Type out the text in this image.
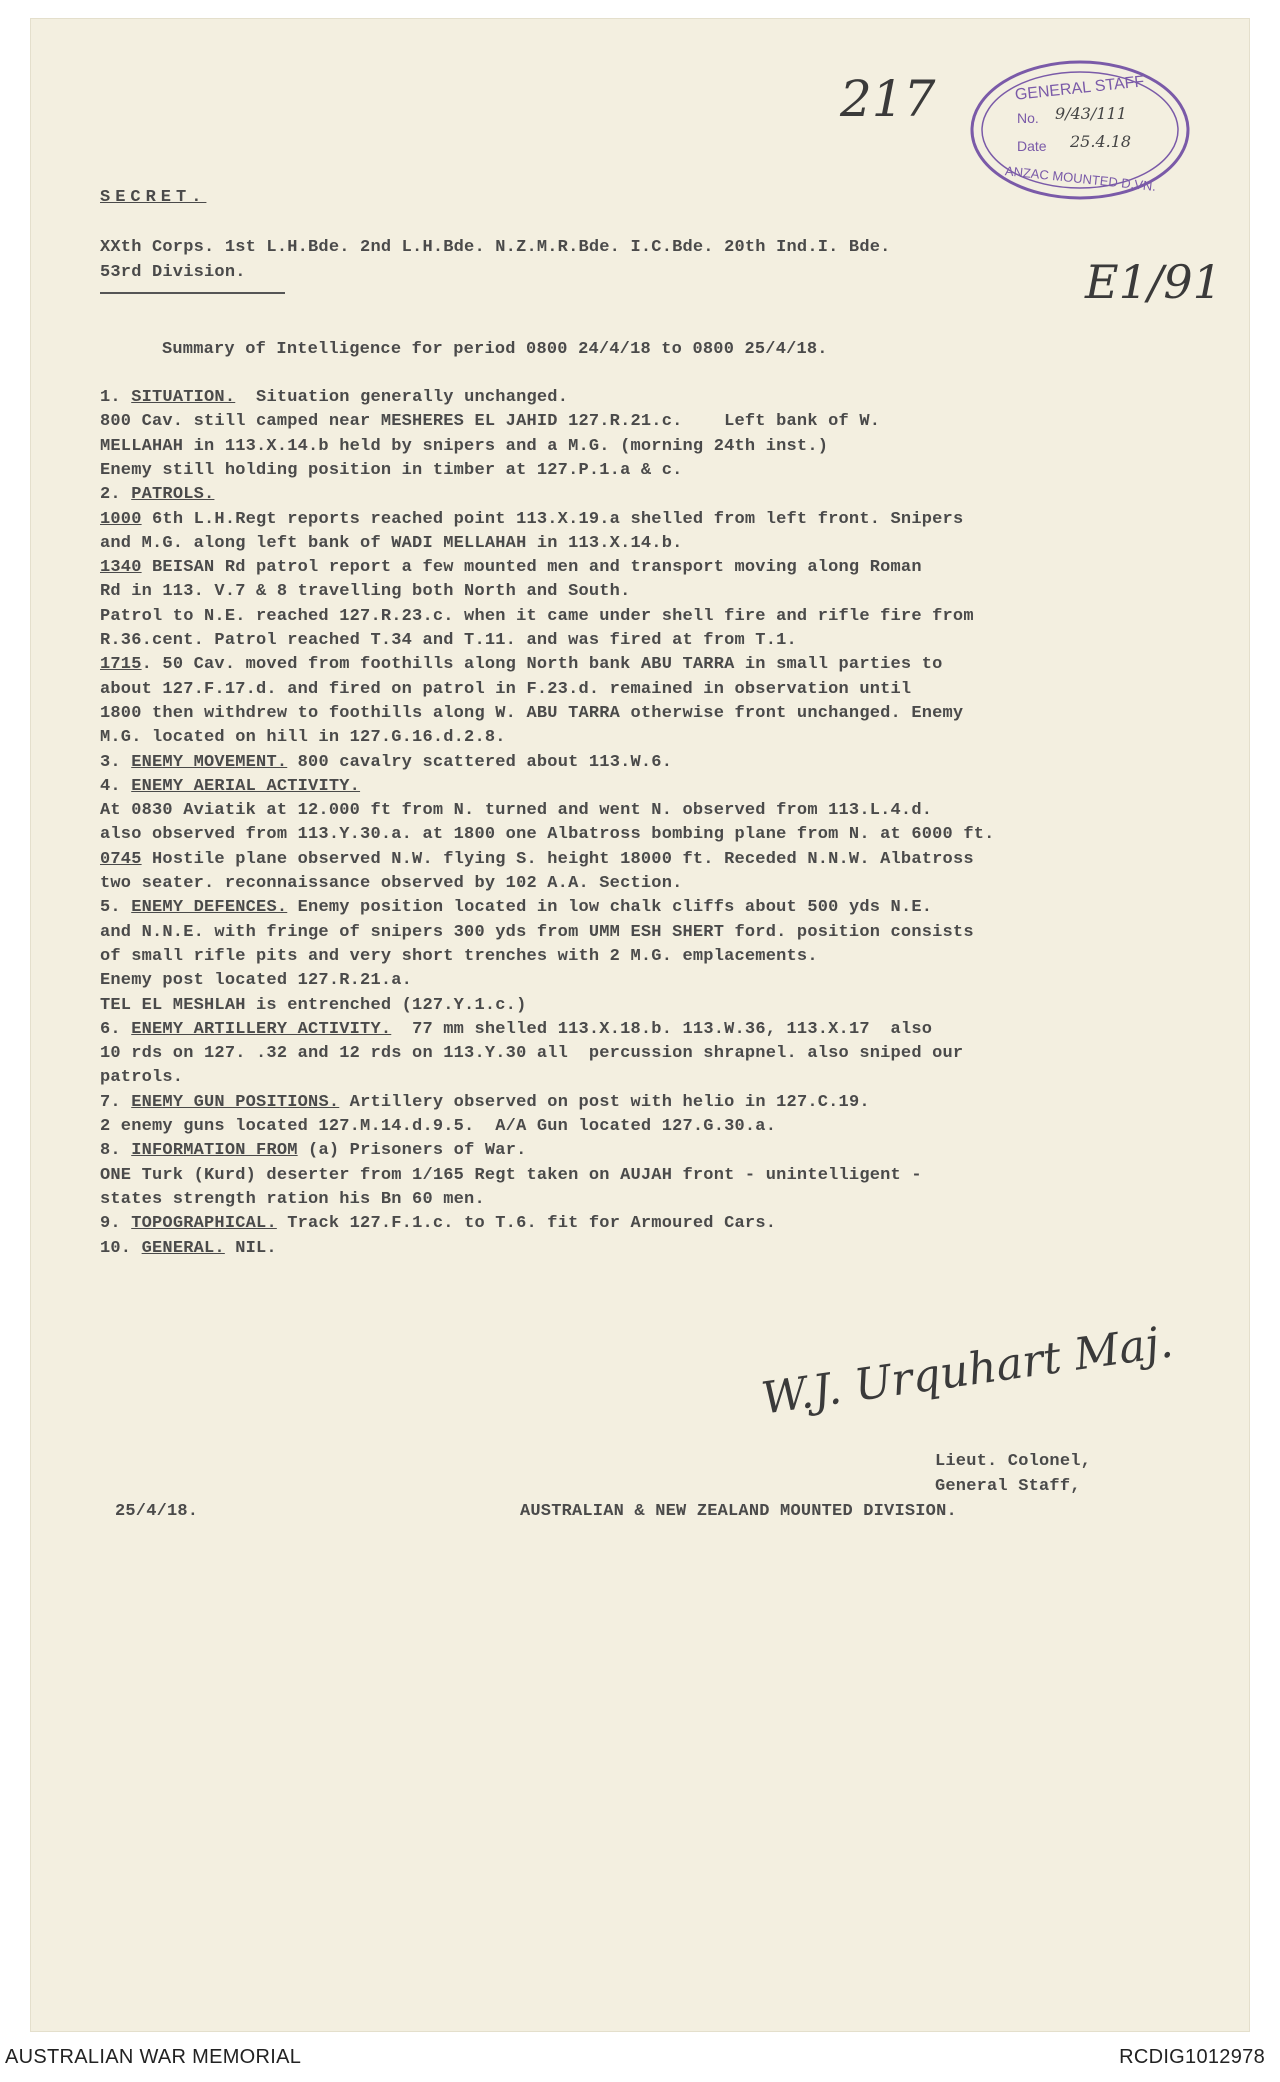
217
E1/91
GENERAL STAFF
No. 9/43/111
Date 25.4.18
ANZAC MOUNTED D.VN.
SECRET.
XXth Corps. 1st L.H.Bde. 2nd L.H.Bde. N.Z.M.R.Bde. I.C.Bde. 20th Ind.I. Bde.
53rd Division.
Summary of Intelligence for period 0800 24/4/18 to 0800 25/4/18.
1. SITUATION.  Situation generally unchanged.
800 Cav. still camped near MESHERES EL JAHID 127.R.21.c.    Left bank of W.
MELLAHAH in 113.X.14.b held by snipers and a M.G. (morning 24th inst.)
Enemy still holding position in timber at 127.P.1.a & c.
2. PATROLS.
1000 6th L.H.Regt reports reached point 113.X.19.a shelled from left front. Snipers
and M.G. along left bank of WADI MELLAHAH in 113.X.14.b.
1340 BEISAN Rd patrol report a few mounted men and transport moving along Roman
Rd in 113. V.7 & 8 travelling both North and South.
Patrol to N.E. reached 127.R.23.c. when it came under shell fire and rifle fire from
R.36.cent. Patrol reached T.34 and T.11. and was fired at from T.1.
1715. 50 Cav. moved from foothills along North bank ABU TARRA in small parties to
about 127.F.17.d. and fired on patrol in F.23.d. remained in observation until
1800 then withdrew to foothills along W. ABU TARRA otherwise front unchanged. Enemy
M.G. located on hill in 127.G.16.d.2.8.
3. ENEMY MOVEMENT. 800 cavalry scattered about 113.W.6.
4. ENEMY AERIAL ACTIVITY.
At 0830 Aviatik at 12.000 ft from N. turned and went N. observed from 113.L.4.d.
also observed from 113.Y.30.a. at 1800 one Albatross bombing plane from N. at 6000 ft.
0745 Hostile plane observed N.W. flying S. height 18000 ft. Receded N.N.W. Albatross
two seater. reconnaissance observed by 102 A.A. Section.
5. ENEMY DEFENCES. Enemy position located in low chalk cliffs about 500 yds N.E.
and N.N.E. with fringe of snipers 300 yds from UMM ESH SHERT ford. position consists
of small rifle pits and very short trenches with 2 M.G. emplacements.
Enemy post located 127.R.21.a.
TEL EL MESHLAH is entrenched (127.Y.1.c.)
6. ENEMY ARTILLERY ACTIVITY.  77 mm shelled 113.X.18.b. 113.W.36, 113.X.17  also
10 rds on 127. .32 and 12 rds on 113.Y.30 all  percussion shrapnel. also sniped our
patrols.
7. ENEMY GUN POSITIONS. Artillery observed on post with helio in 127.C.19.
2 enemy guns located 127.M.14.d.9.5.  A/A Gun located 127.G.30.a.
8. INFORMATION FROM (a) Prisoners of War.
ONE Turk (Kurd) deserter from 1/165 Regt taken on AUJAH front - unintelligent -
states strength ration his Bn 60 men.
9. TOPOGRAPHICAL. Track 127.F.1.c. to T.6. fit for Armoured Cars.
10. GENERAL. NIL.
W.J. Urquhart Maj.
Lieut. Colonel,
General Staff,
25/4/18.	AUSTRALIAN & NEW ZEALAND MOUNTED DIVISION.
AUSTRALIAN WAR MEMORIAL	RCDIG1012978
